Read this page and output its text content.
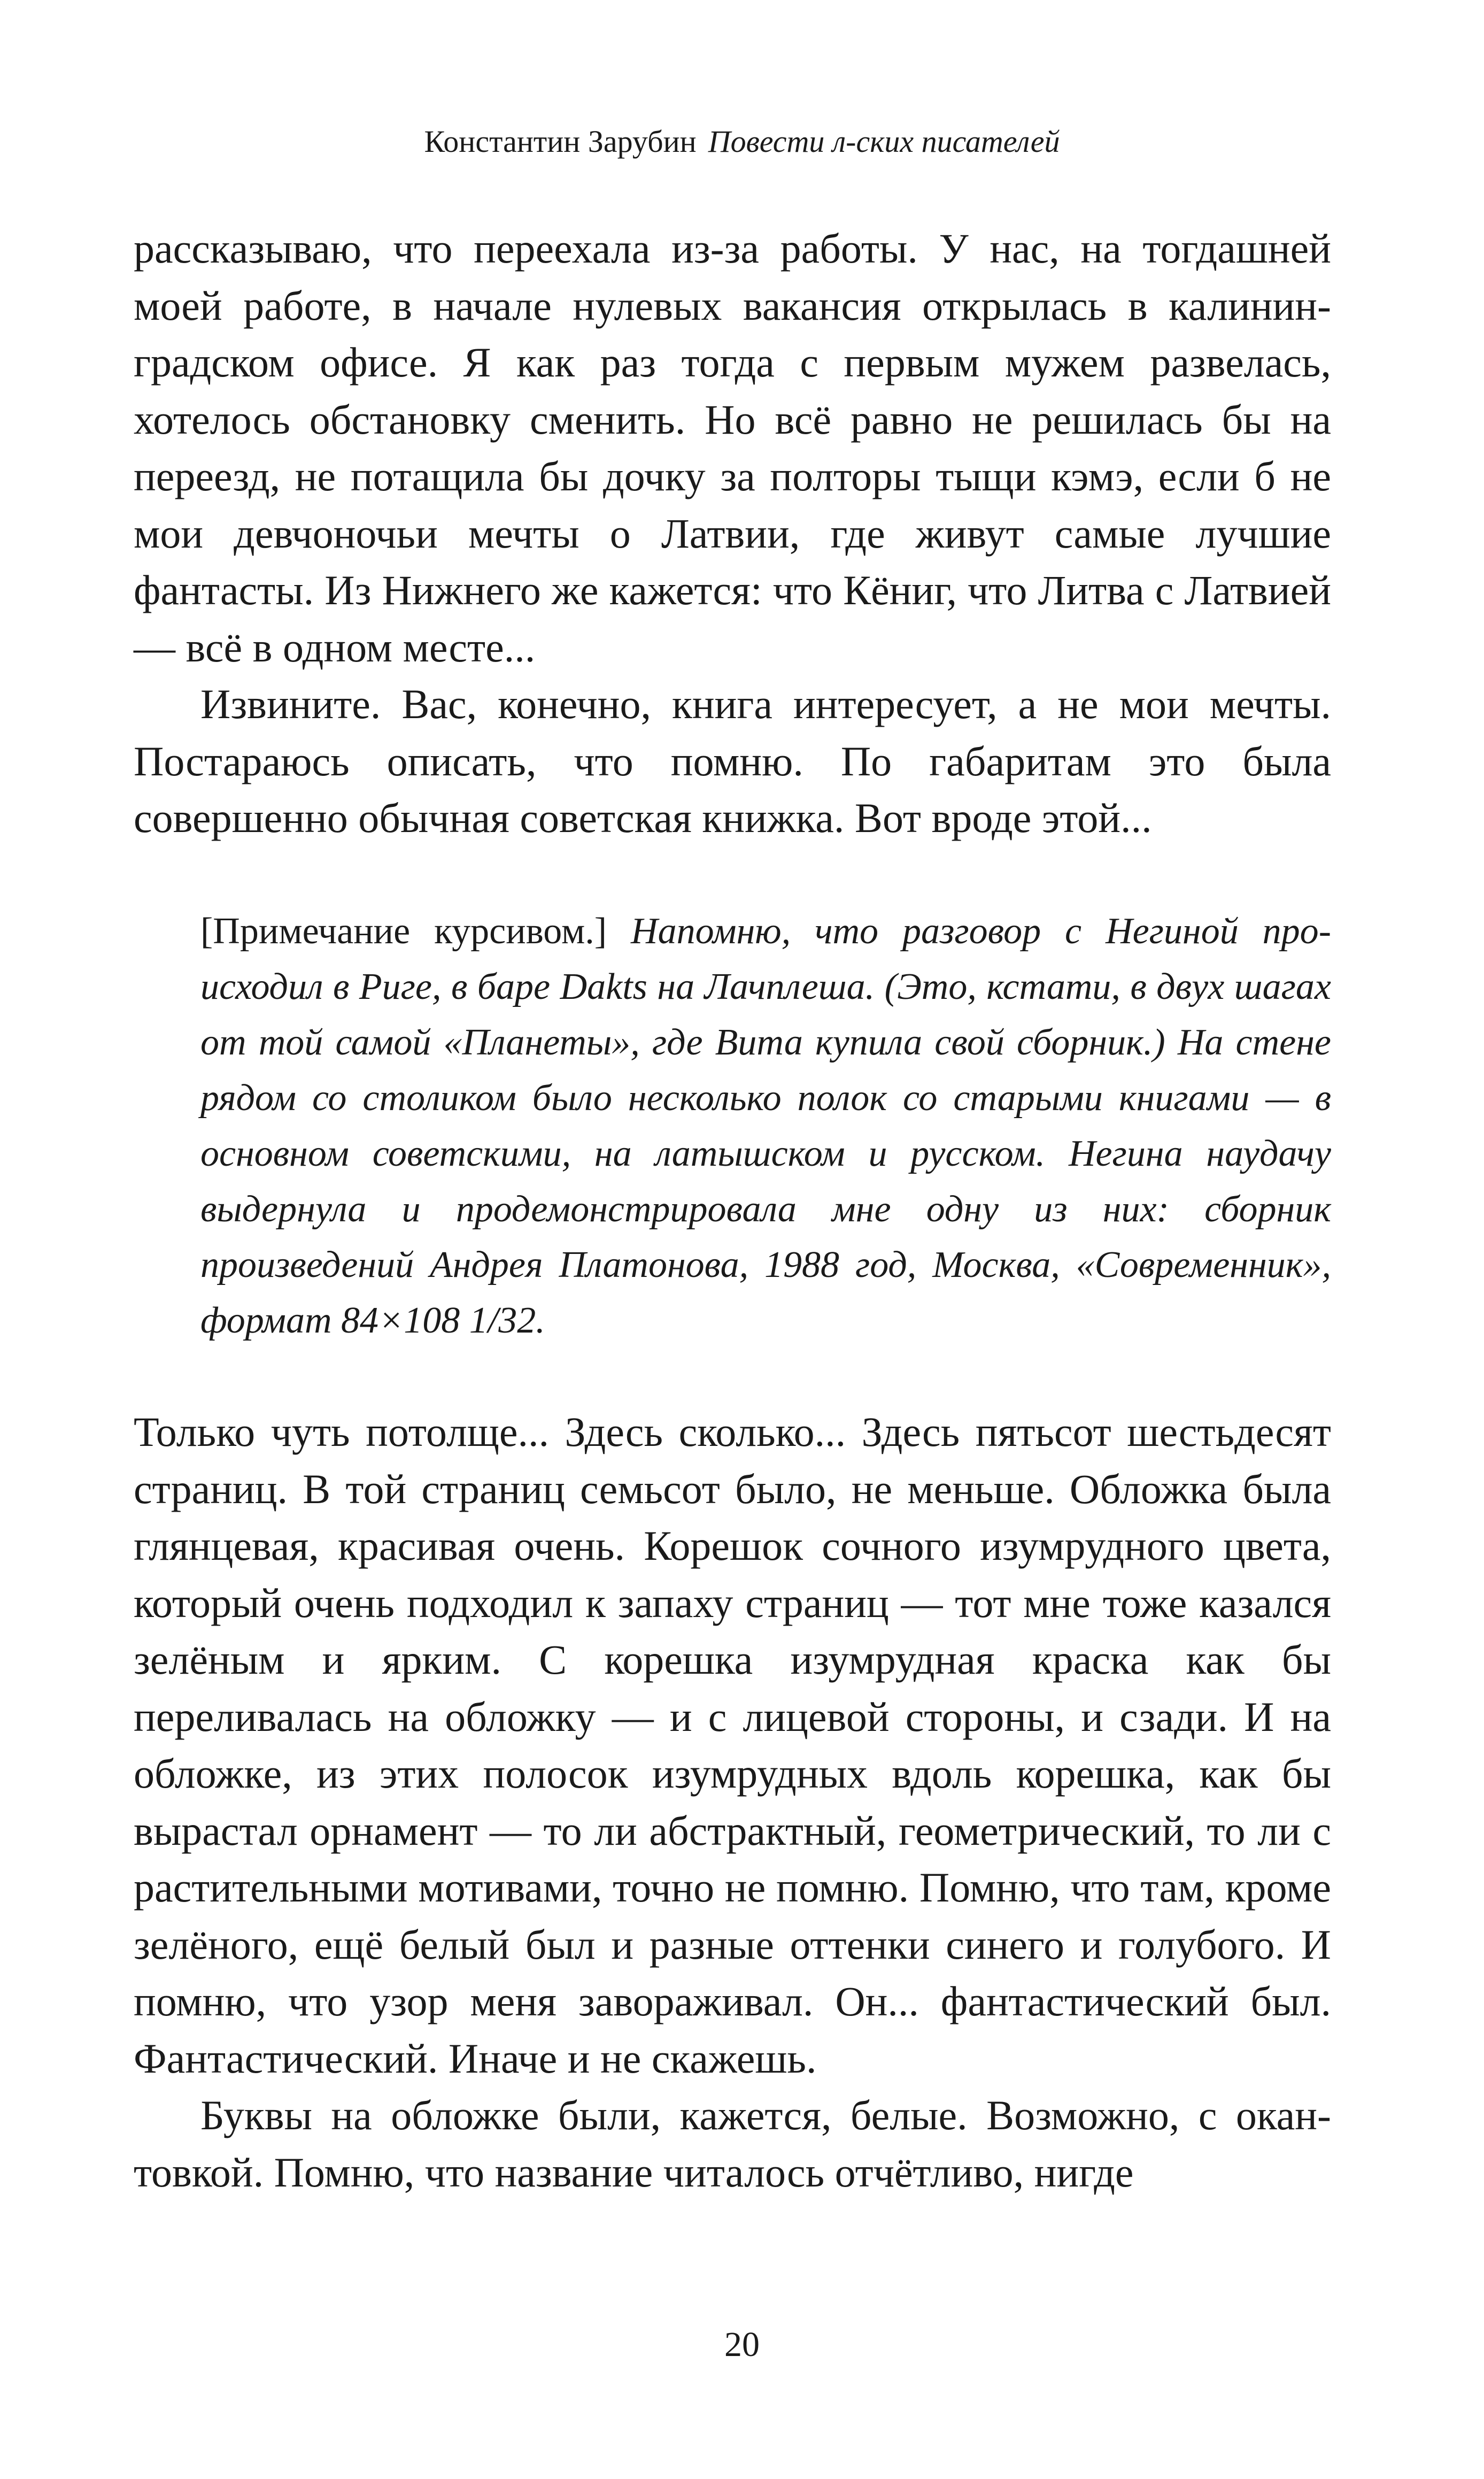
Константин Зарубин Повести л-ских писателей

рассказываю, что переехала из-за работы. У нас, на тогдашней моей работе, в начале нулевых вакансия открылась в калининградском офисе. Я как раз тогда с первым мужем развелась, хотелось обстановку сменить. Но всё равно не решилась бы на переезд, не потащила бы дочку за полторы тыщи кэмэ, если б не мои девчоночьи мечты о Латвии, где живут самые лучшие фантасты. Из Нижнего же кажется: что Кёниг, что Литва с Латвией — всё в одном месте...

Извините. Вас, конечно, книга интересует, а не мои мечты. Постараюсь описать, что помню. По габаритам это была совершенно обычная советская книжка. Вот вроде этой...

[Примечание курсивом.] Напомню, что разговор с Негиной происходил в Риге, в баре Dakts на Лачплеша. (Это, кстати, в двух шагах от той самой «Планеты», где Вита купила свой сборник.) На стене рядом со столиком было несколько полок со старыми книгами — в основном советскими, на латышском и русском. Негина наудачу выдернула и продемонстрировала мне одну из них: сборник произведений Андрея Платонова, 1988 год, Москва, «Современник», формат 84×108 1/32.

Только чуть потолще... Здесь сколько... Здесь пятьсот шестьдесят страниц. В той страниц семьсот было, не меньше. Обложка была глянцевая, красивая очень. Корешок сочного изумрудного цвета, который очень подходил к запаху страниц — тот мне тоже казался зелёным и ярким. С корешка изумрудная краска как бы переливалась на обложку — и с лицевой стороны, и сзади. И на обложке, из этих полосок изумрудных вдоль корешка, как бы вырастал орнамент — то ли абстрактный, геометрический, то ли с растительными мотивами, точно не помню. Помню, что там, кроме зелёного, ещё белый был и разные оттенки синего и голубого. И помню, что узор меня завораживал. Он... фантастический был. Фантастический. Иначе и не скажешь.

Буквы на обложке были, кажется, белые. Возможно, с окантовкой. Помню, что название читалось отчётливо, нигде

20
